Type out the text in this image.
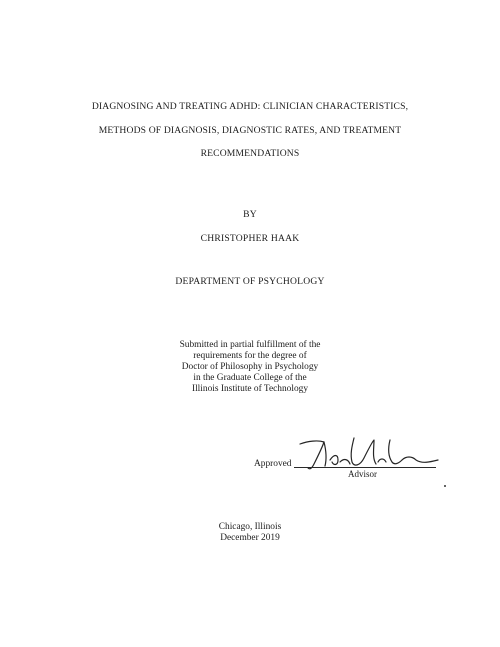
DIAGNOSING AND TREATING ADHD: CLINICIAN CHARACTERISTICS,
METHODS OF DIAGNOSIS, DIAGNOSTIC RATES, AND TREATMENT
RECOMMENDATIONS
BY
CHRISTOPHER HAAK
DEPARTMENT OF PSYCHOLOGY
Submitted in partial fulfillment of the
requirements for the degree of
Doctor of Philosophy in Psychology
in the Graduate College of the
Illinois Institute of Technology
Approved
Advisor
Chicago, Illinois
December 2019
